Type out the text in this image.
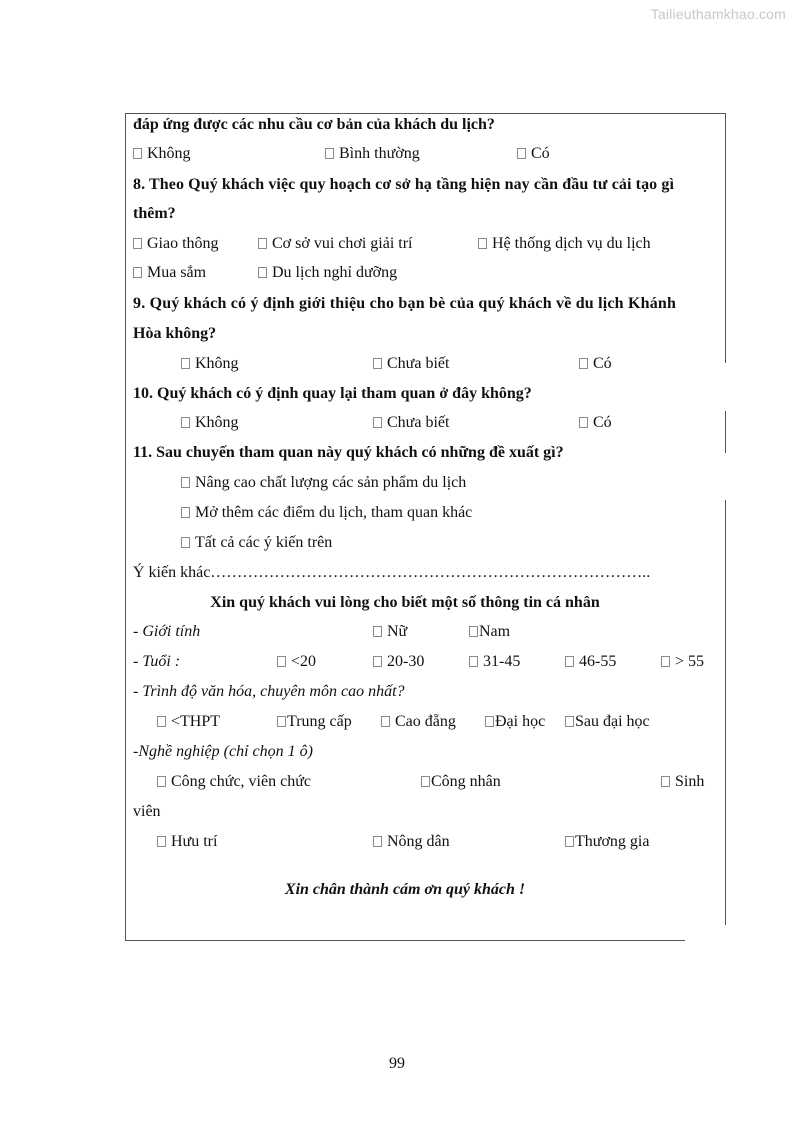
Tailieuthamkhao.com
đáp ứng được các nhu cầu cơ bản của khách du lịch?
Không	Bình thường	Có
8. Theo Quý khách việc quy hoạch cơ sở hạ tầng hiện nay cần đầu tư cải tạo gì
thêm?
Giao thông	Cơ sở vui chơi giải trí	Hệ thống dịch vụ du lịch
Mua sắm	Du lịch nghỉ dưỡng
9. Quý khách có ý định giới thiệu cho bạn bè của quý khách về du lịch Khánh
Hòa không?
Không	Chưa biết	Có
10. Quý khách có ý định quay lại tham quan ở đây không?
Không	Chưa biết	Có
11. Sau chuyến tham quan này quý khách có những đề xuất gì?
Nâng cao chất lượng các sản phẩm du lịch
Mở thêm các điểm du lịch, tham quan khác
Tất cả các ý kiến trên
Ý kiến khác………………………………………………………………………..
Xin quý khách vui lòng cho biết một số thông tin cá nhân
- Giới tính	Nữ	Nam
- Tuổi :	<20	20-30	31-45	46-55	> 55
- Trình độ văn hóa, chuyên môn cao nhất?
<THPT	Trung cấp	Cao đẵng	Đại học	Sau đại học
-Nghề nghiệp (chỉ chọn 1 ô)
Công chức, viên chức	Công nhân	Sinh
viên
Hưu trí	Nông dân	Thương gia
Xin chân thành cám ơn quý khách !
99
